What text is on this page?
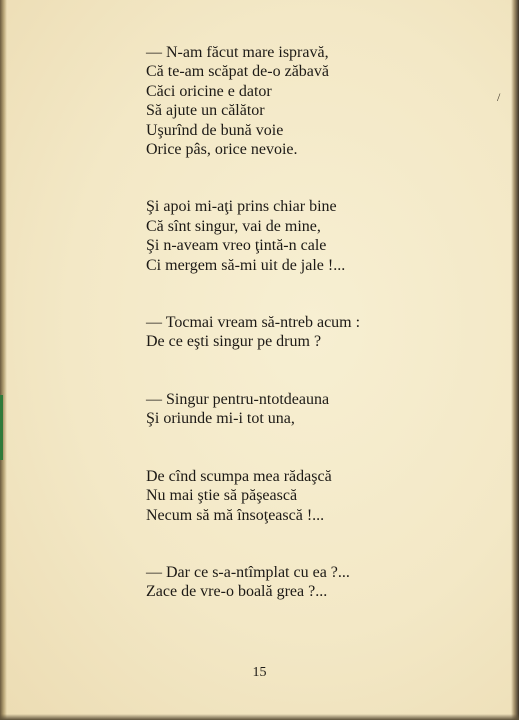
/

— N-am făcut mare ispravă,

Că te-am scăpat de-o zăbavă

Căci oricine e dator

Să ajute un călător

Uşurînd de bună voie

Orice pâs, orice nevoie.

Şi apoi mi-aţi prins chiar bine

Că sînt singur, vai de mine,

Şi n-aveam vreo ţintă-n cale

Ci mergem să-mi uit de jale !...

— Tocmai vream să-ntreb acum :

De ce eşti singur pe drum ?

— Singur pentru-ntotdeauna

Şi oriunde mi-i tot una,

De cînd scumpa mea rădaşcă

Nu mai ştie să păşească

Necum să mă însoţească !...

— Dar ce s-a-ntîmplat cu ea ?...

Zace de vre-o boală grea ?...

15
